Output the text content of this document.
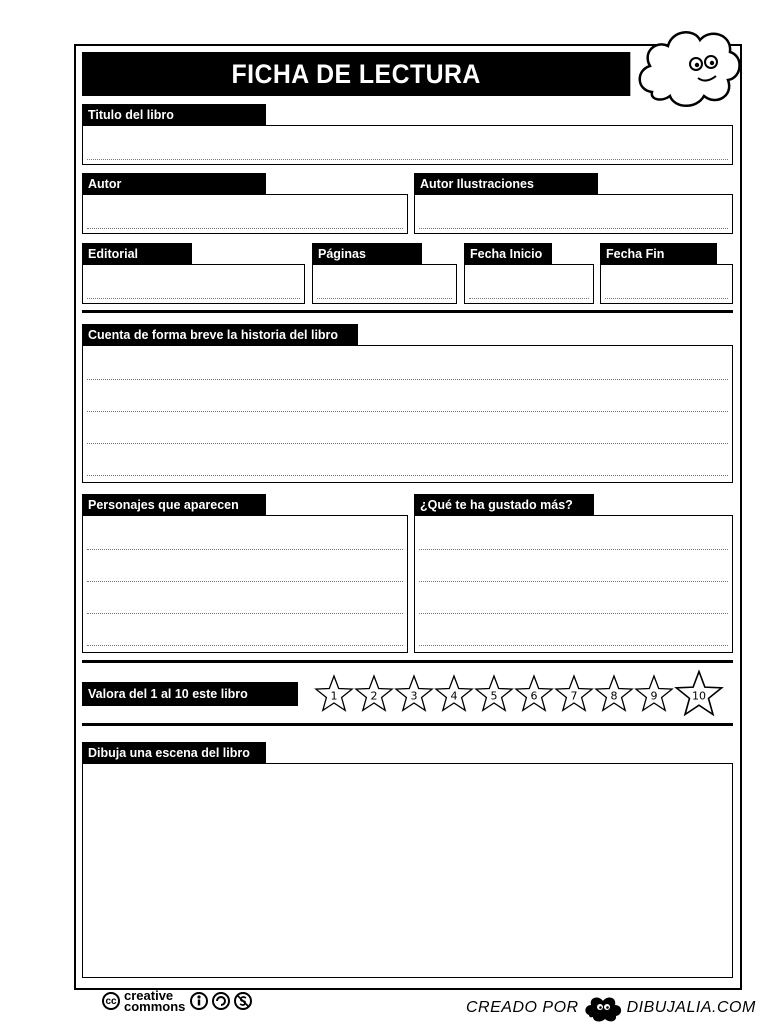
FICHA DE LECTURA
Titulo del libro
Autor	Autor Ilustraciones
Editorial	Páginas	Fecha Inicio	Fecha Fin
Cuenta de forma breve la historia del libro
Personajes que aparecen	¿Qué te ha gustado más?
Valora del 1 al 10 este libro	1	2	3	4	5	6	7	8	9	10
Dibuja una escena del libro
cc creative
commons	CREADO POR	DIBUJALIA.COM
